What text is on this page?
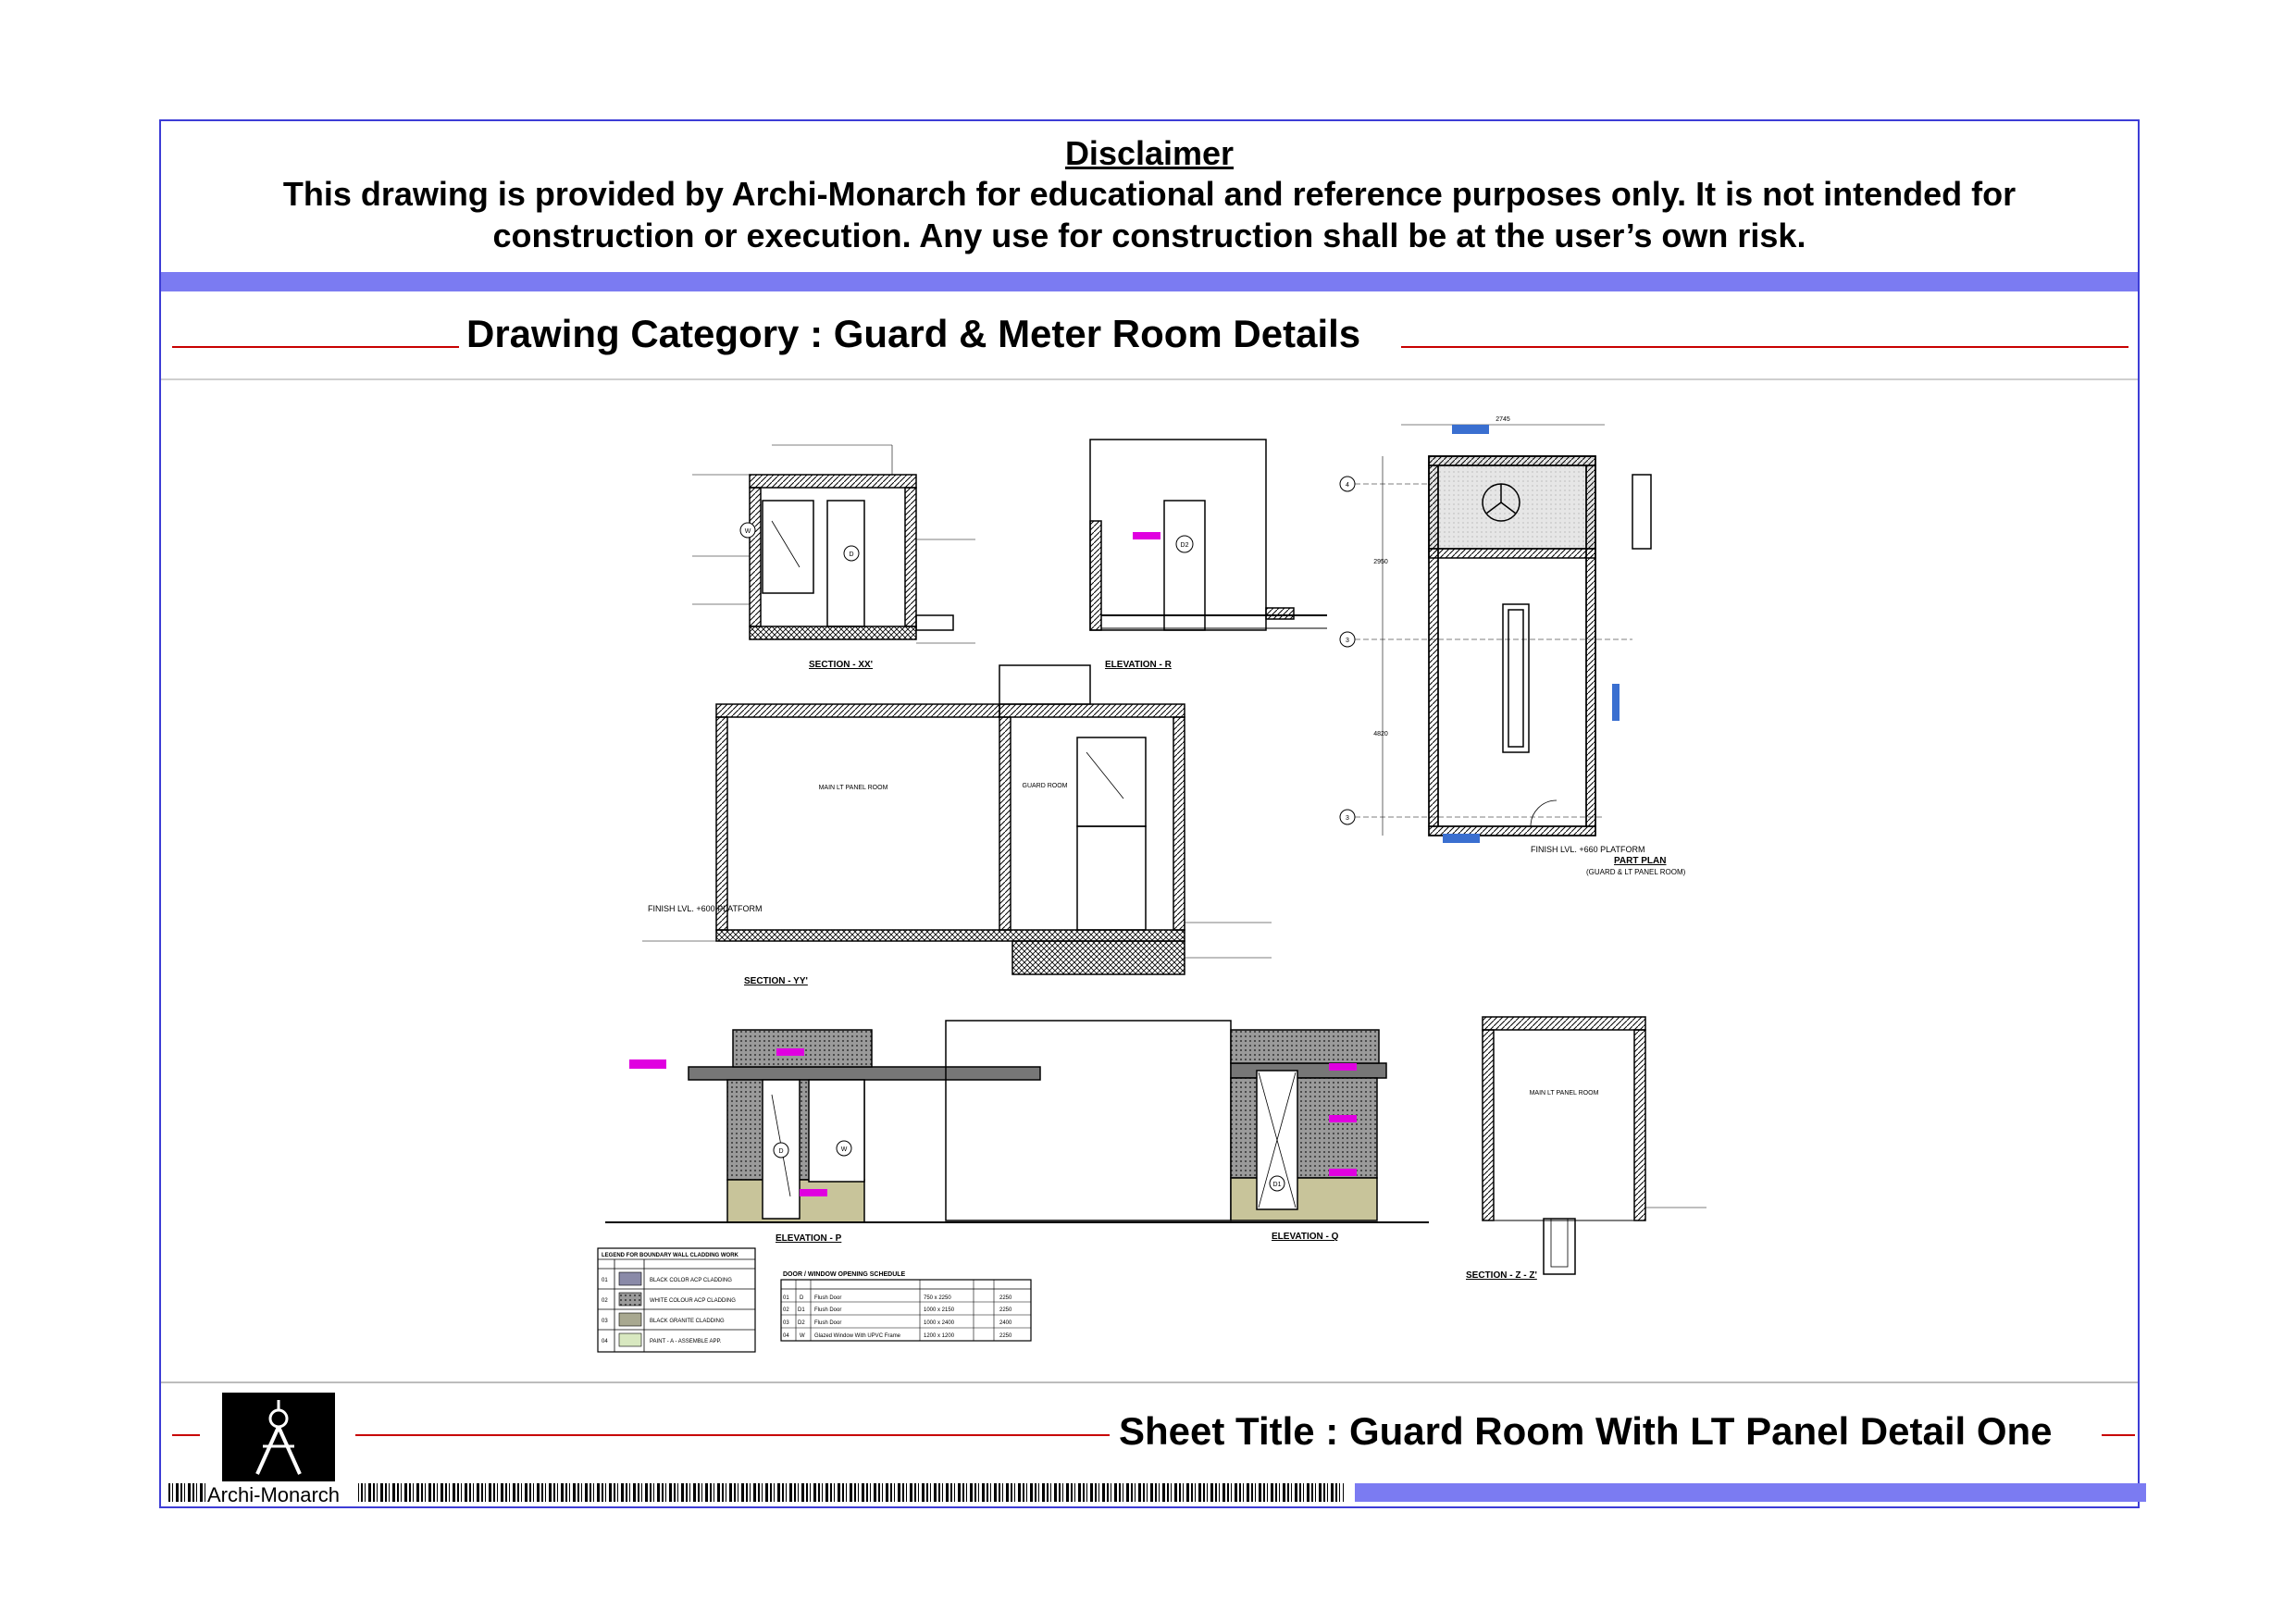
Disclaimer
This drawing is provided by Archi-Monarch for educational and reference purposes only. It is not intended for
construction or execution. Any use for construction shall be at the user’s own risk.
Drawing Category : Guard & Meter Room Details
W
D
SECTION - XX'
D2
ELEVATION - R
MAIN LT PANEL ROOM	GUARD ROOM
FINISH LVL. +600 PLATFORM
SECTION - YY'
4
3
3
2745
2950
4820
FINISH LVL. +660 PLATFORM
PART PLAN
(GUARD & LT PANEL ROOM)
D	W
ELEVATION - P
D1
ELEVATION - Q
MAIN LT PANEL ROOM
SECTION - Z - Z'
LEGEND FOR BOUNDARY WALL CLADDING WORK
01	BLACK COLOR ACP CLADDING
02	WHITE COLOUR ACP CLADDING
03	BLACK GRANITE CLADDING
04	PAINT - A - ASSEMBLE APP.
DOOR / WINDOW OPENING SCHEDULE
01 D Flush Door	750 x 2250	2250
02 D1 Flush Door	1000 x 2150	2250
03 D2 Flush Door	1000 x 2400	2400
04 W Glazed Window With UPVC Frame	1200 x 1200	2250
Sheet Title : Guard Room With LT Panel Detail One
Archi-Monarch
